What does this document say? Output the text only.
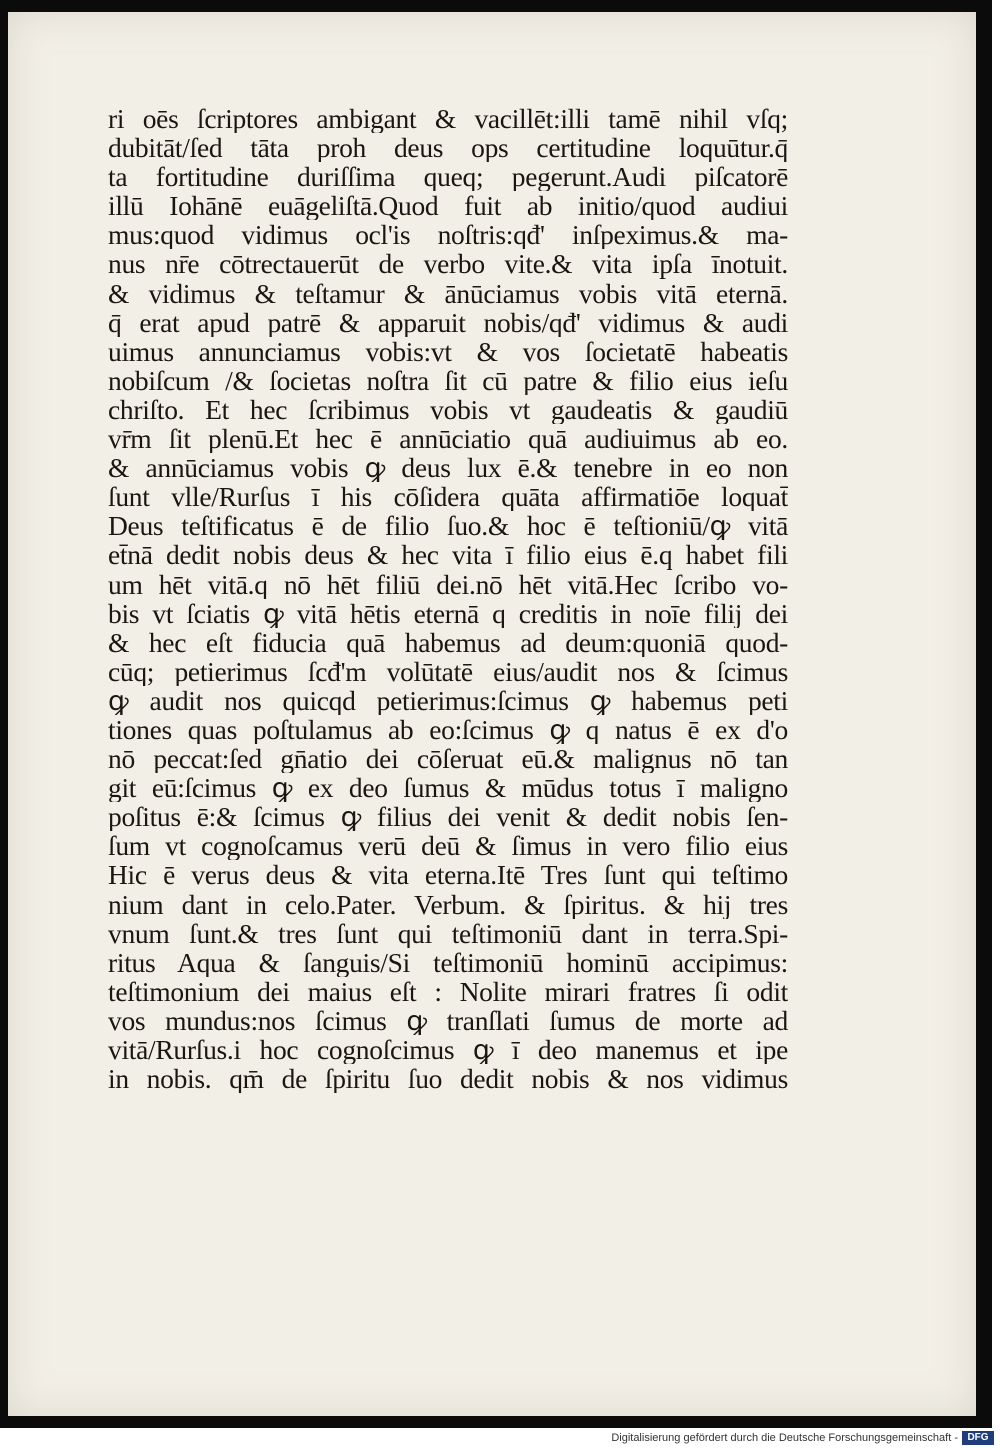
ri oēs ſcriptores ambigant & vacillēt:illi tamē nihil vſq;
dubitāt/ſed tāta proh deus ops certitudine loquūtur.q̄
ta fortitudine duriſſima queq; pegerunt.Audi piſcatorē
illū Iohānē euāgeliſtā.Quod fuit ab initio/quod audiui
mus:quod vidimus ocl'is noſtris:qđ' inſpeximus.& ma-
nus nr̄e cōtrectauerūt de verbo vite.& vita ipſa īnotuit.
& vidimus & teſtamur & ānūciamus vobis vitā eternā.
q̄ erat apud patrē & apparuit nobis/qđ' vidimus & audi
uimus annunciamus vobis:vt & vos ſocietatē habeatis
nobiſcum /& ſocietas noſtra ſit cū patre & filio eius ieſu
chriſto. Et hec ſcribimus vobis vt gaudeatis & gaudiū
vr̄m ſit plenū.Et hec ē annūciatio quā audiuimus ab eo.
& annūciamus vobis ꝙ deus lux ē.& tenebre in eo non
ſunt vlle/Rurſus ī his cōſidera quāta affirmatiōe loquat̄
Deus teſtificatus ē de filio ſuo.& hoc ē teſtioniū/ꝙ vitā
et̄nā dedit nobis deus & hec vita ī filio eius ē.q habet fili
um hēt vitā.q nō hēt filiū dei.nō hēt vitā.Hec ſcribo vo-
bis vt ſciatis ꝙ vitā hētis eternā q creditis in noīe filij dei
& hec eſt fiducia quā habemus ad deum:quoniā quod-
cūq; petierimus ſcđ'm volūtatē eius/audit nos & ſcimus
ꝙ audit nos quicqd petierimus:ſcimus ꝙ habemus peti
tiones quas poſtulamus ab eo:ſcimus ꝙ q natus ē ex d'o
nō peccat:ſed gn̄atio dei cōſeruat eū.& malignus nō tan
git eū:ſcimus ꝙ ex deo ſumus & mūdus totus ī maligno
poſitus ē:& ſcimus ꝙ filius dei venit & dedit nobis ſen-
ſum vt cognoſcamus verū deū & ſimus in vero filio eius
Hic ē verus deus & vita eterna.Itē Tres ſunt qui teſtimo
nium dant in celo.Pater. Verbum. & ſpiritus. & hij tres
vnum ſunt.& tres ſunt qui teſtimoniū dant in terra.Spi-
ritus Aqua & ſanguis/Si teſtimoniū hominū accipimus:
teſtimonium dei maius eſt : Nolite mirari fratres ſi odit
vos mundus:nos ſcimus ꝙ tranſlati ſumus de morte ad
vitā/Rurſus.i hoc cognoſcimus ꝙ ī deo manemus et ipe
in nobis. qm̄ de ſpiritu ſuo dedit nobis & nos vidimus
Digitalisierung gefördert durch die Deutsche Forschungsgemeinschaft - DFG
